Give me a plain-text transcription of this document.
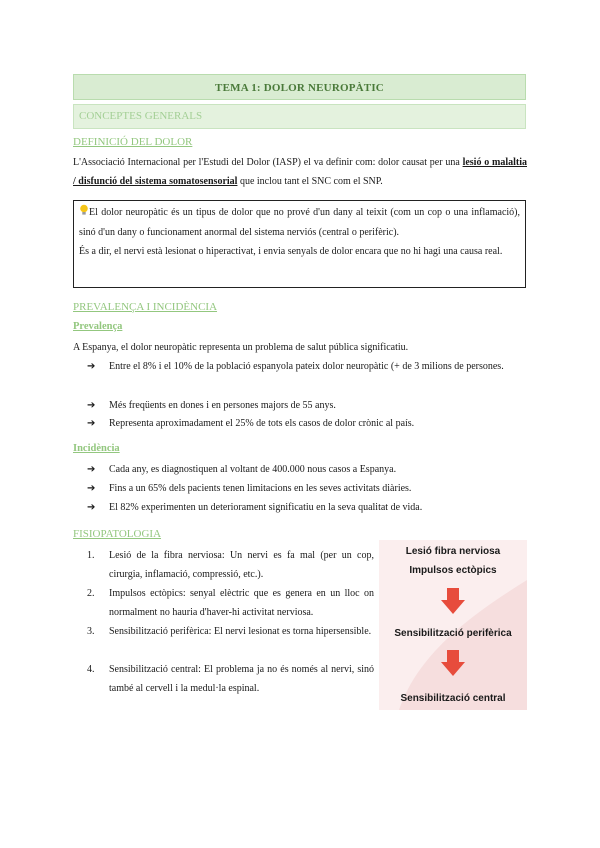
TEMA 1: DOLOR NEUROPÀTIC
CONCEPTES GENERALS
DEFINICIÓ DEL DOLOR
L'Associació Internacional per l'Estudi del Dolor (IASP) el va definir com: dolor causat per una lesió o malaltia / disfunció del sistema somatosensorial que inclou tant el SNC com el SNP.
El dolor neuropàtic és un tipus de dolor que no prové d'un dany al teixit (com un cop o una inflamació), sinó d'un dany o funcionament anormal del sistema nerviós (central o perifèric).
És a dir, el nervi està lesionat o hiperactivat, i envia senyals de dolor encara que no hi hagi una causa real.
PREVALENÇA I INCIDÈNCIA
Prevalença
A Espanya, el dolor neuropàtic representa un problema de salut pública significatiu.
➔ Entre el 8% i el 10% de la població espanyola pateix dolor neuropàtic (+ de 3 milions de persones.
➔ Més freqüents en dones i en persones majors de 55 anys.
➔ Representa aproximadament el 25% de tots els casos de dolor crònic al país.
Incidència
➔ Cada any, es diagnostiquen al voltant de 400.000 nous casos a Espanya.
➔ Fins a un 65% dels pacients tenen limitacions en les seves activitats diàries.
➔ El 82% experimenten un deteriorament significatiu en la seva qualitat de vida.
FISIOPATOLOGIA
1. Lesió de la fibra nerviosa: Un nervi es fa mal (per un cop, cirurgia, inflamació, compressió, etc.).
2. Impulsos ectòpics: senyal elèctric que es genera en un lloc on normalment no hauria d'haver-hi activitat nerviosa.
3. Sensibilització perifèrica: El nervi lesionat es torna hipersensible.
4. Sensibilització central: El problema ja no és només al nervi, sinó també al cervell i la medul·la espinal.
Lesió fibra nerviosa
Impulsos ectòpics
Sensibilització perifèrica
Sensibilització central
